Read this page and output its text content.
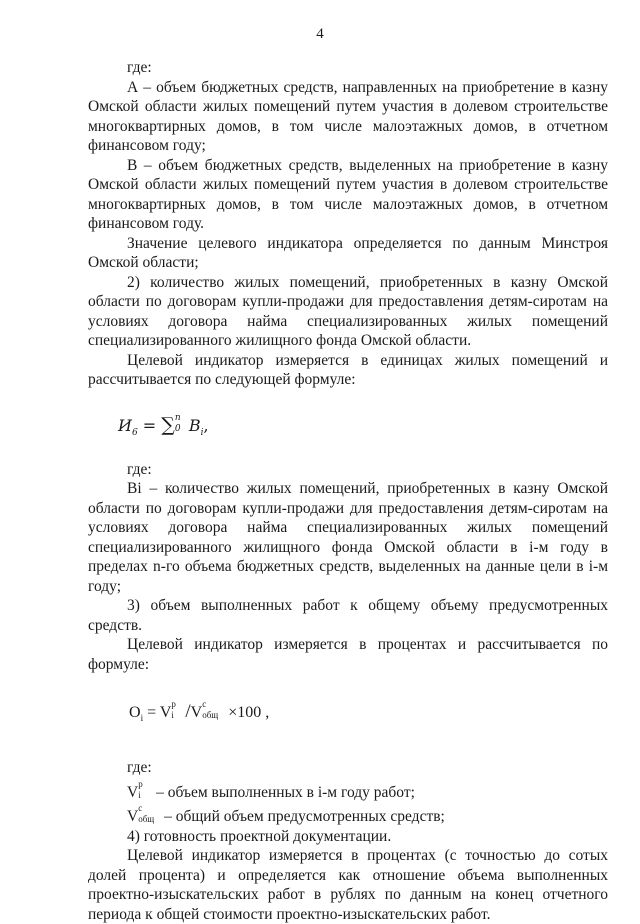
4

где:

А – объем бюджетных средств, направленных на приобретение в казну Омской области жилых помещений путем участия в долевом строительстве многоквартирных домов, в том числе малоэтажных домов, в отчетном финансовом году;

В – объем бюджетных средств, выделенных на приобретение в казну Омской области жилых помещений путем участия в долевом строительстве многоквартирных домов, в том числе малоэтажных домов, в отчетном финансовом году.

Значение целевого индикатора определяется по данным Минстроя Омской области;

2) количество жилых помещений, приобретенных в казну Омской области по договорам купли-продажи для предоставления детям-сиротам на условиях договора найма специализированных жилых помещений специализированного жилищного фонда Омской области.

Целевой индикатор измеряется в единицах жилых помещений и рассчитывается по следующей формуле:

$И_6$ = ∑ n
0 $B_i$,

где:

Bi – количество жилых помещений, приобретенных в казну Омской области по договорам купли-продажи для предоставления детям-сиротам на условиях договора найма специализированных жилых помещений специализированного жилищного фонда Омской области в i-м году в пределах n-го объема бюджетных средств, выделенных на данные цели в i-м году;

3) объем выполненных работ к общему объему предусмотренных средств.

Целевой индикатор измеряется в процентах и рассчитывается по формуле:

$O_i = V$ р
i /V с
общ ×100 ,

где:

V р
i – объем выполненных в i-м году работ;

V с
общ – общий объем предусмотренных средств;

4) готовность проектной документации.

Целевой индикатор измеряется в процентах (с точностью до сотых долей процента) и определяется как отношение объема выполненных проектно-изыскательских работ в рублях по данным на конец отчетного периода к общей стоимости проектно-изыскательских работ.
